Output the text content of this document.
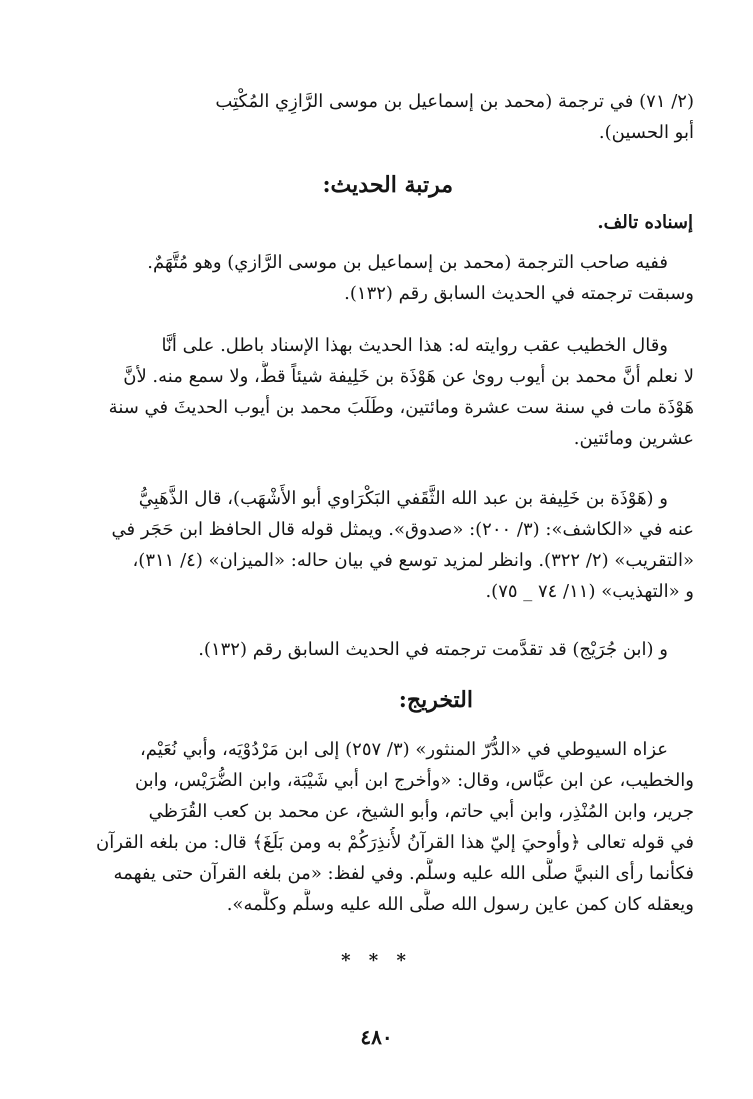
(٢/ ٧١) في ترجمة (محمد بن إسماعيل بن موسى الرَّازِي المُكْتِب
أبو الحسين).
مرتبة الحديث:
إسناده تالف.
ففيه صاحب الترجمة (محمد بن إسماعيل بن موسى الرَّازي) وهو مُتَّهَمٌ.
وسبقت ترجمته في الحديث السابق رقم (١٣٢).
وقال الخطيب عقب روايته له: هذا الحديث بهذا الإسناد باطل. على أنَّا
لا نعلم أنَّ محمد بن أيوب روىٰ عن هَوْذَة بن خَلِيفة شيئاً قطُّ، ولا سمع منه. لأنَّ
هَوْذَة مات في سنة ست عشرة ومائتين، وطَلَبَ محمد بن أيوب الحديثَ في سنة
عشرين ومائتين.
و (هَوْذَة بن خَلِيفة بن عبد الله الثَّقَفي البَكْرَاوي أبو الأَشْهَب)، قال الذَّهَبِيُّ
عنه في «الكاشف»: (٣/ ٢٠٠): «صدوق». ويمثل قوله قال الحافظ ابن حَجَر في
«التقريب» (٢/ ٣٢٢). وانظر لمزيد توسع في بيان حاله: «الميزان» (٤/ ٣١١)،
و «التهذيب» (١١/ ٧٤ _ ٧٥).
و (ابن جُرَيْج) قد تقدَّمت ترجمته في الحديث السابق رقم (١٣٢).
التخريج:
عزاه السيوطي في «الدُّرّ المنثور» (٣/ ٢٥٧) إلى ابن مَرْدُوْيَه، وأبي نُعَيْم،
والخطيب، عن ابن عبَّاس، وقال: «وأخرج ابن أبي شَيْبَة، وابن الضُّرَيْس، وابن
جرير، وابن المُنْذِر، وابن أبي حاتم، وأبو الشيخ، عن محمد بن كعب القُرَظي
في قوله تعالى ﴿وأوحيَ إليّ هذا القرآنُ لأُنذِرَكُمْ به ومن بَلَغَ﴾ قال: من بلغه القرآن
فكأنما رأى النبيَّ صلَّى الله عليه وسلَّم. وفي لفظ: «من بلغه القرآن حتى يفهمه
ويعقله كان كمن عاين رسول الله صلَّى الله عليه وسلَّم وكلَّمه».
* * *
٤٨٠
